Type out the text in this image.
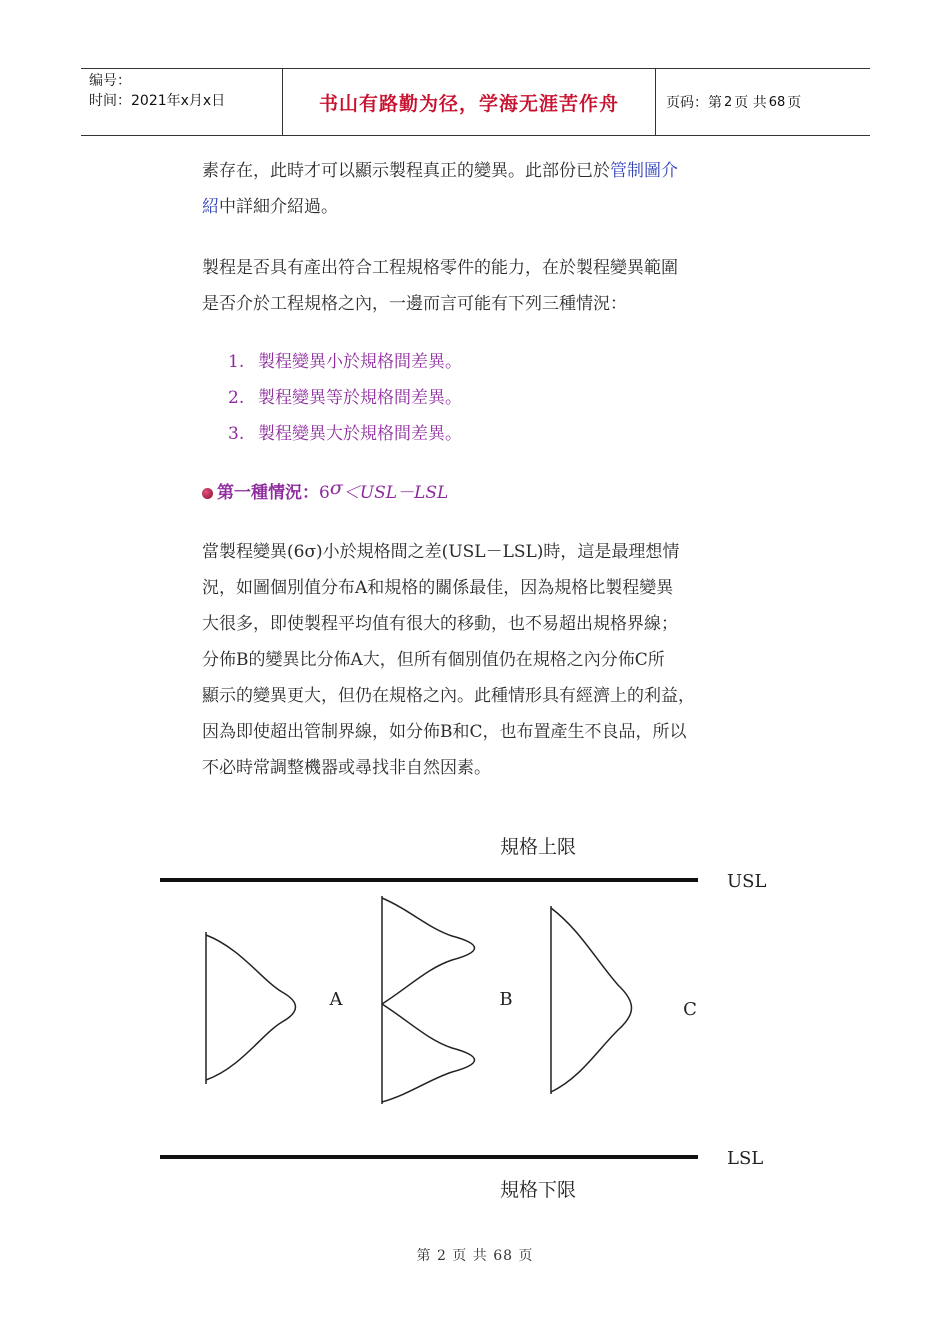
编号：
时间：2021年x月x日	书山有路勤为径，学海无涯苦作舟	页码：第 2 页 共 68 页
素存在，此時才可以顯示製程真正的變異。此部份已於管制圖介
紹中詳細介紹過。
製程是否具有產出符合工程規格零件的能力，在於製程變異範圍
是否介於工程規格之內，一邊而言可能有下列三種情況：
1. 製程變異小於規格間差異。
2. 製程變異等於規格間差異。
3. 製程變異大於規格間差異。
第一種情況： 6 σ ＜USL－LSL
當製程變異(6σ)小於規格間之差(USL－LSL)時，這是最理想情
況，如圖個別值分布A和規格的關係最佳，因為規格比製程變異
大很多，即使製程平均值有很大的移動，也不易超出規格界線；
分佈B的變異比分佈A大，但所有個別值仍在規格之內分佈C所
顯示的變異更大，但仍在規格之內。此種情形具有經濟上的利益，
因為即使超出管制界線，如分佈B和C，也布置產生不良品，所以
不必時常調整機器或尋找非自然因素。
規格上限
USL
A	B	C
LSL
規格下限
第 2 页 共 68 页
